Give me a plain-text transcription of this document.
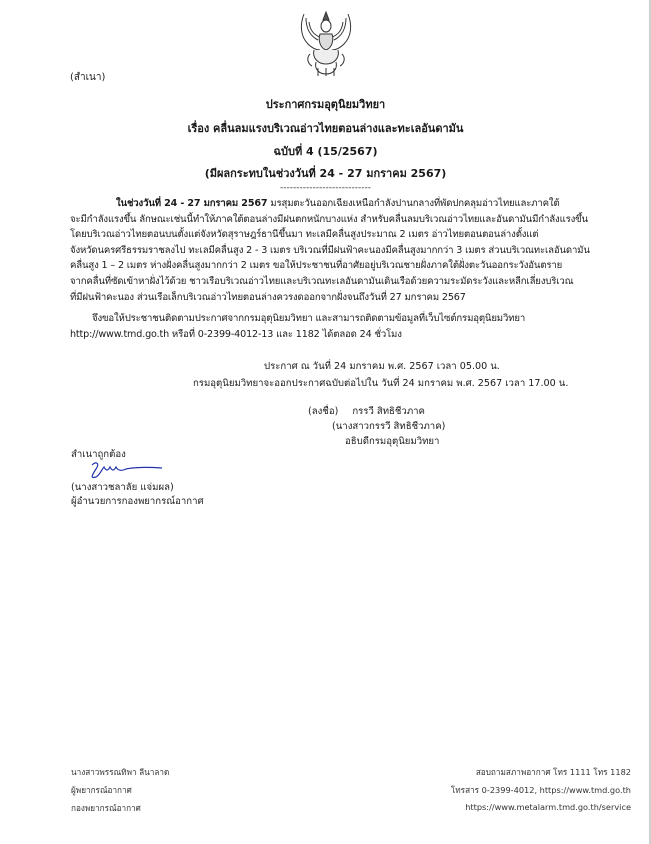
(สำเนา)
ประกาศกรมอุตุนิยมวิทยา
เรื่อง คลื่นลมแรงบริเวณอ่าวไทยตอนล่างและทะเลอันดามัน
ฉบับที่ 4 (15/2567)
(มีผลกระทบในช่วงวันที่ 24 - 27 มกราคม 2567)
----------------------------
ในช่วงวันที่ 24 - 27 มกราคม 2567 มรสุมตะวันออกเฉียงเหนือกำลังปานกลางที่พัดปกคลุมอ่าวไทยและภาคใต้
จะมีกำลังแรงขึ้น ลักษณะเช่นนี้ทำให้ภาคใต้ตอนล่างมีฝนตกหนักบางแห่ง สำหรับคลื่นลมบริเวณอ่าวไทยและอันดามันมีกำลังแรงขึ้น
โดยบริเวณอ่าวไทยตอนบนตั้งแต่จังหวัดสุราษฎร์ธานีขึ้นมา ทะเลมีคลื่นสูงประมาณ 2 เมตร อ่าวไทยตอนตอนล่างตั้งแต่
จังหวัดนครศรีธรรมราชลงไป ทะเลมีคลื่นสูง 2 - 3 เมตร บริเวณที่มีฝนฟ้าคะนองมีคลื่นสูงมากกว่า 3 เมตร ส่วนบริเวณทะเลอันดามัน
คลื่นสูง 1 – 2 เมตร ห่างฝั่งคลื่นสูงมากกว่า 2 เมตร ขอให้ประชาชนที่อาศัยอยู่บริเวณชายฝั่งภาคใต้ฝั่งตะวันออกระวังอันตราย
จากคลื่นที่ซัดเข้าหาฝั่งไว้ด้วย ชาวเรือบริเวณอ่าวไทยและบริเวณทะเลอันดามันเดินเรือด้วยความระมัดระวังและหลีกเลี่ยงบริเวณ
ที่มีฝนฟ้าคะนอง ส่วนเรือเล็กบริเวณอ่าวไทยตอนล่างควรงดออกจากฝั่งจนถึงวันที่ 27 มกราคม 2567
จึงขอให้ประชาชนติดตามประกาศจากกรมอุตุนิยมวิทยา และสามารถติดตามข้อมูลที่เว็บไซต์กรมอุตุนิยมวิทยา
http://www.tmd.go.th หรือที่ 0-2399-4012-13 และ 1182 ได้ตลอด 24 ชั่วโมง
ประกาศ ณ วันที่ 24 มกราคม พ.ศ. 2567 เวลา 05.00 น.
กรมอุตุนิยมวิทยาจะออกประกาศฉบับต่อไปใน วันที่ 24 มกราคม พ.ศ. 2567 เวลา 17.00 น.
(ลงชื่อ) กรรวี สิทธิชีวภาค
(นางสาวกรรวี สิทธิชีวภาค)
อธิบดีกรมอุตุนิยมวิทยา
สำเนาถูกต้อง
(นางสาวชลาลัย แจ่มผล)
ผู้อำนวยการกองพยากรณ์อากาศ
นางสาวพรรณทิพา ลีนาลาด
ผู้พยากรณ์อากาศ
กองพยากรณ์อากาศ
สอบถามสภาพอากาศ โทร 1111 โทร 1182
โทรสาร 0-2399-4012, https://www.tmd.go.th
https://www.metalarm.tmd.go.th/service
